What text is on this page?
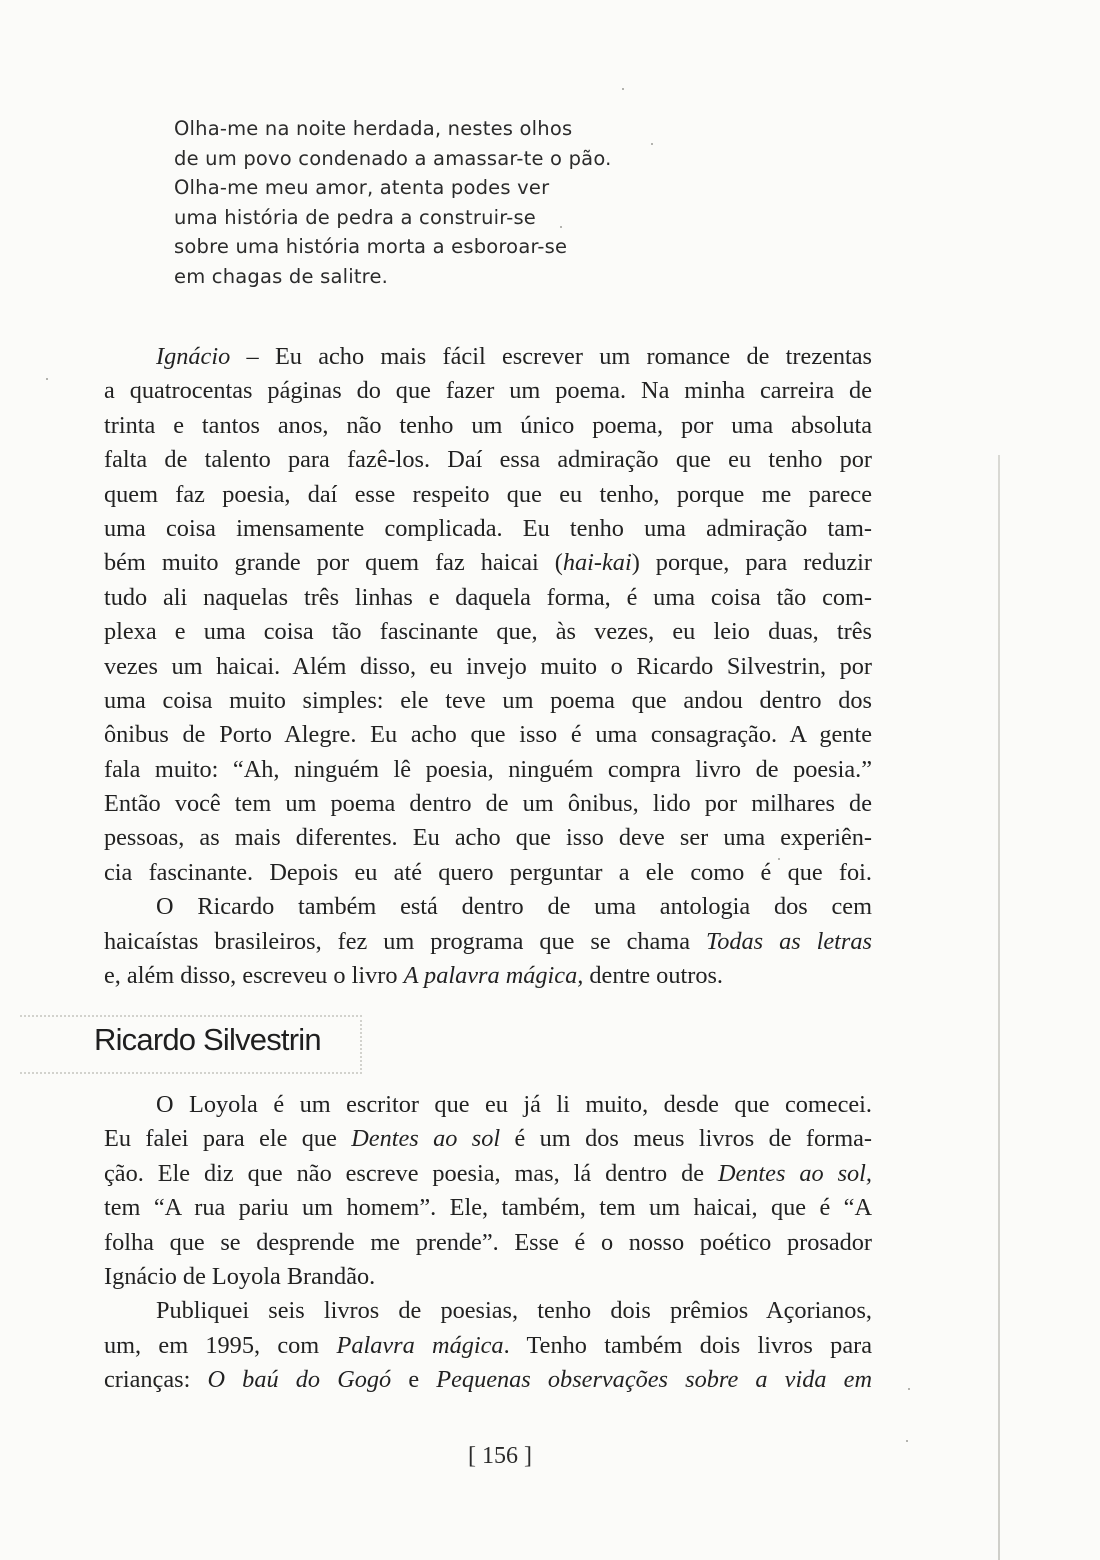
Olha-me na noite herdada, nestes olhos
de um povo condenado a amassar-te o pão.
Olha-me meu amor, atenta podes ver
uma história de pedra a construir-se
sobre uma história morta a esboroar-se
em chagas de salitre.
Ignácio – Eu acho mais fácil escrever um romance de trezentas
a quatrocentas páginas do que fazer um poema. Na minha carreira de
trinta e tantos anos, não tenho um único poema, por uma absoluta
falta de talento para fazê-los. Daí essa admiração que eu tenho por
quem faz poesia, daí esse respeito que eu tenho, porque me parece
uma coisa imensamente complicada. Eu tenho uma admiração tam-
bém muito grande por quem faz haicai (hai-kai) porque, para reduzir
tudo ali naquelas três linhas e daquela forma, é uma coisa tão com-
plexa e uma coisa tão fascinante que, às vezes, eu leio duas, três
vezes um haicai. Além disso, eu invejo muito o Ricardo Silvestrin, por
uma coisa muito simples: ele teve um poema que andou dentro dos
ônibus de Porto Alegre. Eu acho que isso é uma consagração. A gente
fala muito: “Ah, ninguém lê poesia, ninguém compra livro de poesia.”
Então você tem um poema dentro de um ônibus, lido por milhares de
pessoas, as mais diferentes. Eu acho que isso deve ser uma experiên-
cia fascinante. Depois eu até quero perguntar a ele como é que foi.
O Ricardo também está dentro de uma antologia dos cem
haicaístas brasileiros, fez um programa que se chama Todas as letras
e, além disso, escreveu o livro A palavra mágica, dentre outros.
Ricardo Silvestrin
O Loyola é um escritor que eu já li muito, desde que comecei.
Eu falei para ele que Dentes ao sol é um dos meus livros de forma-
ção. Ele diz que não escreve poesia, mas, lá dentro de Dentes ao sol,
tem “A rua pariu um homem”. Ele, também, tem um haicai, que é “A
folha que se desprende me prende”. Esse é o nosso poético prosador
Ignácio de Loyola Brandão.
Publiquei seis livros de poesias, tenho dois prêmios Açorianos,
um, em 1995, com Palavra mágica. Tenho também dois livros para
crianças: O baú do Gogó e Pequenas observações sobre a vida em
[ 156 ]
